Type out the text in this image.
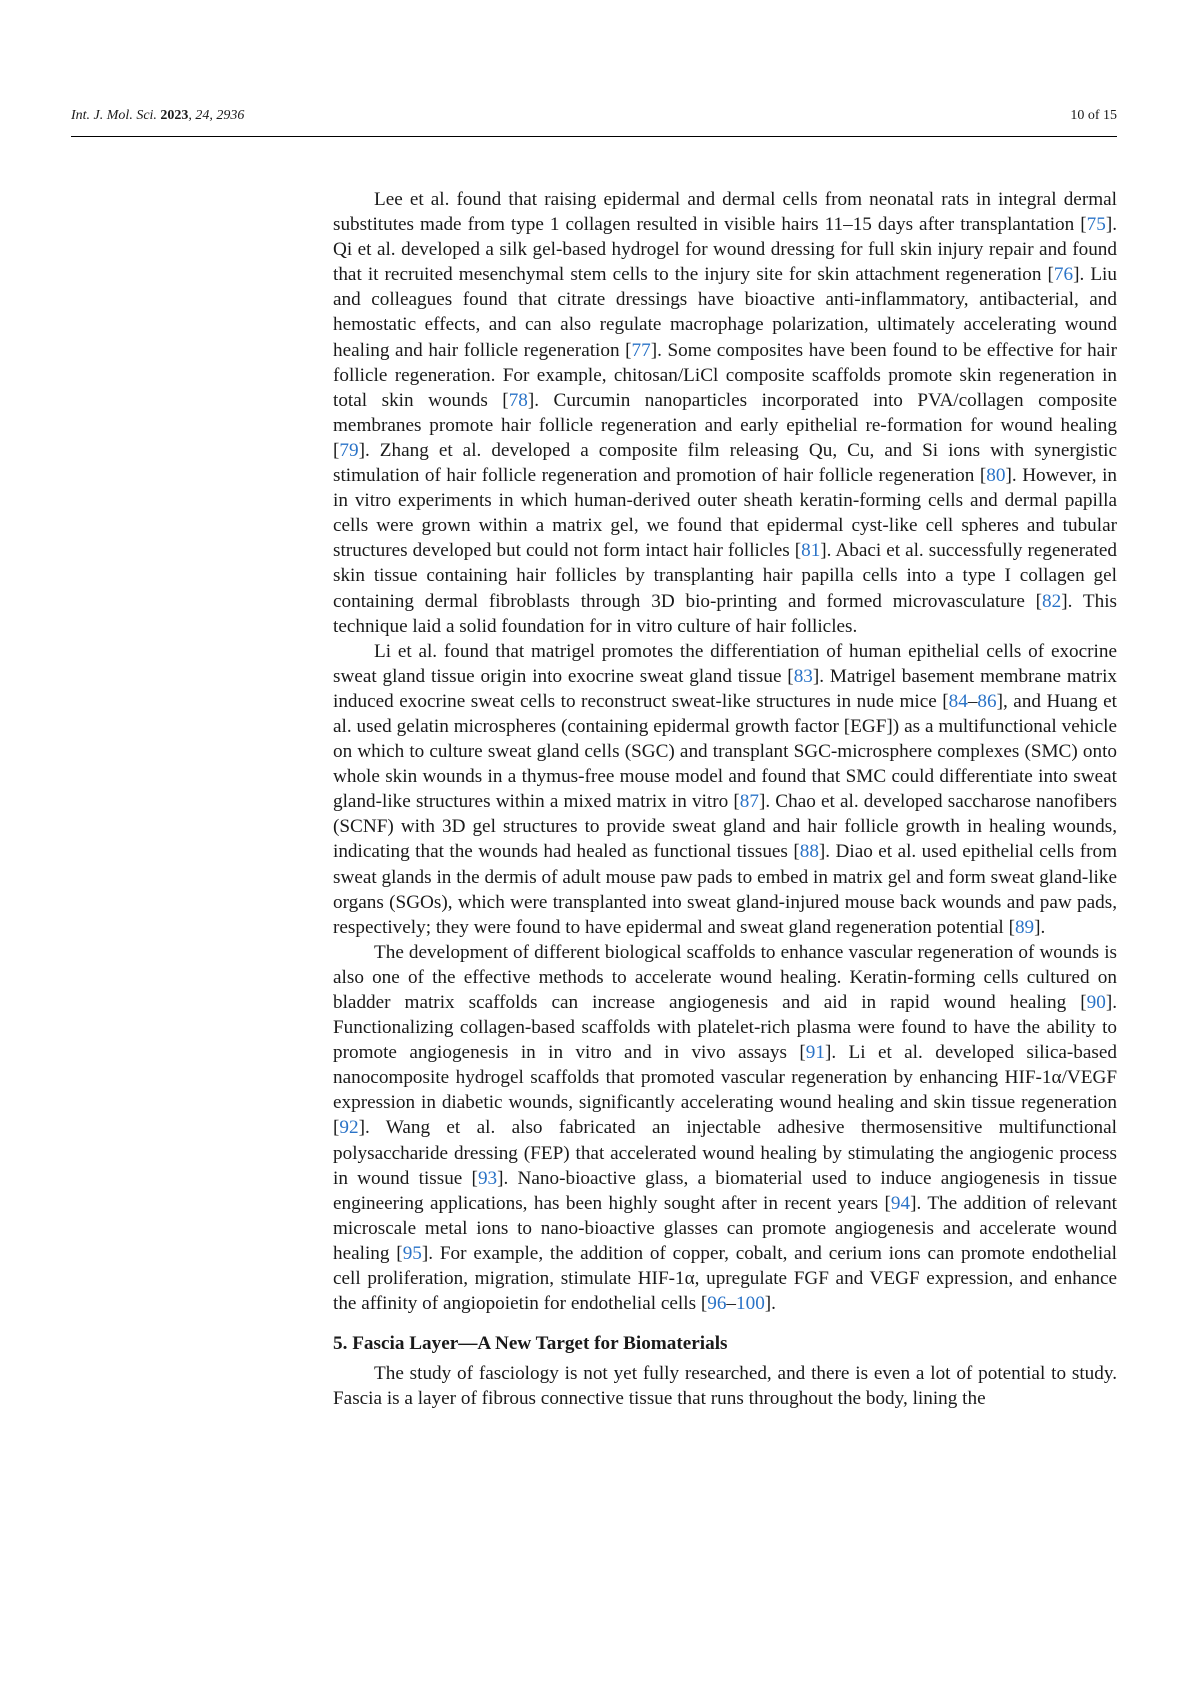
Int. J. Mol. Sci. 2023, 24, 2936	10 of 15

Lee et al. found that raising epidermal and dermal cells from neonatal rats in integral dermal substitutes made from type 1 collagen resulted in visible hairs 11–15 days after transplantation [75]. Qi et al. developed a silk gel-based hydrogel for wound dressing for full skin injury repair and found that it recruited mesenchymal stem cells to the injury site for skin attachment regeneration [76]. Liu and colleagues found that citrate dressings have bioactive anti-inflammatory, antibacterial, and hemostatic effects, and can also regulate macrophage polarization, ultimately accelerating wound healing and hair follicle regeneration [77]. Some composites have been found to be effective for hair follicle regeneration. For example, chitosan/LiCl composite scaffolds promote skin regeneration in total skin wounds [78]. Curcumin nanoparticles incorporated into PVA/collagen composite membranes promote hair follicle regeneration and early epithelial re-formation for wound healing [79]. Zhang et al. developed a composite film releasing Qu, Cu, and Si ions with synergistic stimulation of hair follicle regeneration and promotion of hair follicle regeneration [80]. However, in in vitro experiments in which human-derived outer sheath keratin-forming cells and dermal papilla cells were grown within a matrix gel, we found that epidermal cyst-like cell spheres and tubular structures developed but could not form intact hair follicles [81]. Abaci et al. successfully regenerated skin tissue containing hair follicles by transplanting hair papilla cells into a type I collagen gel containing dermal fibroblasts through 3D bio-printing and formed microvasculature [82]. This technique laid a solid foundation for in vitro culture of hair follicles.

Li et al. found that matrigel promotes the differentiation of human epithelial cells of exocrine sweat gland tissue origin into exocrine sweat gland tissue [83]. Matrigel basement membrane matrix induced exocrine sweat cells to reconstruct sweat-like structures in nude mice [84–86], and Huang et al. used gelatin microspheres (containing epidermal growth factor [EGF]) as a multifunctional vehicle on which to culture sweat gland cells (SGC) and transplant SGC-microsphere complexes (SMC) onto whole skin wounds in a thymus-free mouse model and found that SMC could differentiate into sweat gland-like structures within a mixed matrix in vitro [87]. Chao et al. developed saccharose nanofibers (SCNF) with 3D gel structures to provide sweat gland and hair follicle growth in healing wounds, indicating that the wounds had healed as functional tissues [88]. Diao et al. used epithelial cells from sweat glands in the dermis of adult mouse paw pads to embed in matrix gel and form sweat gland-like organs (SGOs), which were transplanted into sweat gland-injured mouse back wounds and paw pads, respectively; they were found to have epidermal and sweat gland regeneration potential [89].

The development of different biological scaffolds to enhance vascular regeneration of wounds is also one of the effective methods to accelerate wound healing. Keratin-forming cells cultured on bladder matrix scaffolds can increase angiogenesis and aid in rapid wound healing [90]. Functionalizing collagen-based scaffolds with platelet-rich plasma were found to have the ability to promote angiogenesis in in vitro and in vivo assays [91]. Li et al. developed silica-based nanocomposite hydrogel scaffolds that promoted vascular regeneration by enhancing HIF-1α/VEGF expression in diabetic wounds, significantly accelerating wound healing and skin tissue regeneration [92]. Wang et al. also fabricated an injectable adhesive thermosensitive multifunctional polysaccharide dressing (FEP) that accelerated wound healing by stimulating the angiogenic process in wound tissue [93]. Nano-bioactive glass, a biomaterial used to induce angiogenesis in tissue engineering applications, has been highly sought after in recent years [94]. The addition of relevant microscale metal ions to nano-bioactive glasses can promote angiogenesis and accelerate wound healing [95]. For example, the addition of copper, cobalt, and cerium ions can promote endothelial cell proliferation, migration, stimulate HIF-1α, upregulate FGF and VEGF expression, and enhance the affinity of angiopoietin for endothelial cells [96–100].

5. Fascia Layer—A New Target for Biomaterials

The study of fasciology is not yet fully researched, and there is even a lot of potential to study. Fascia is a layer of fibrous connective tissue that runs throughout the body, lining the
